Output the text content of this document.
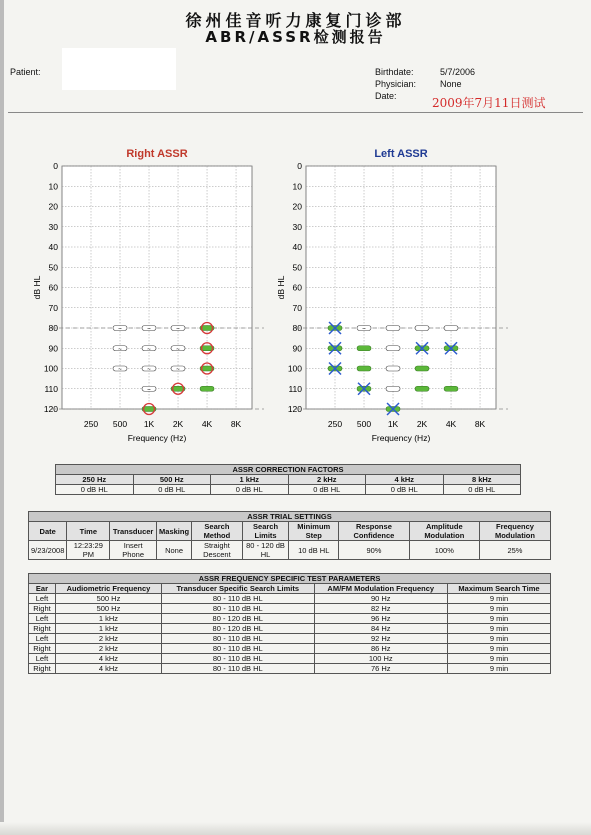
徐州佳音听力康复门诊部
ABR/ASSR检测报告
Patient:	Birthdate:	5/7/2006
Physician:	None
Date:	2009年7月11日测试
Right ASSR
0
10
20
30
40
50
60
70
80
90
100
110
120
250 500 1K 2K 4K 8K
Frequency (Hz)
dB HL
~
~
~
~
~
~
~
~
~
~
Left ASSR
0
10
20
30
40
50
60
70
80
90
100
110
120
250 500 1K 2K 4K 8K
Frequency (Hz)
dB HL
~
ASSR CORRECTION FACTORS					
250 Hz	500 Hz	1 kHz	2 kHz	4 kHz	8 kHz
0 dB HL	0 dB HL	0 dB HL	0 dB HL	0 dB HL	0 dB HL
ASSR TRIAL SETTINGS									
Date	Time	Transducer	Masking	Search Method	Search Limits	Minimum Step	Response Confidence	Amplitude Modulation	Frequency Modulation
9/23/2008	12:23:29 PM	Insert Phone	None	Straight Descent	80 - 120 dB HL	10 dB HL	90%	100%	25%
ASSR FREQUENCY SPECIFIC TEST PARAMETERS				
Ear	Audiometric Frequency	Transducer Specific Search Limits	AM/FM Modulation Frequency	Maximum Search Time
Left	500 Hz	80 - 110 dB HL	90 Hz	9 min
Right	500 Hz	80 - 110 dB HL	82 Hz	9 min
Left	1 kHz	80 - 120 dB HL	96 Hz	9 min
Right	1 kHz	80 - 120 dB HL	84 Hz	9 min
Left	2 kHz	80 - 110 dB HL	92 Hz	9 min
Right	2 kHz	80 - 110 dB HL	86 Hz	9 min
Left	4 kHz	80 - 110 dB HL	100 Hz	9 min
Right	4 kHz	80 - 110 dB HL	76 Hz	9 min
